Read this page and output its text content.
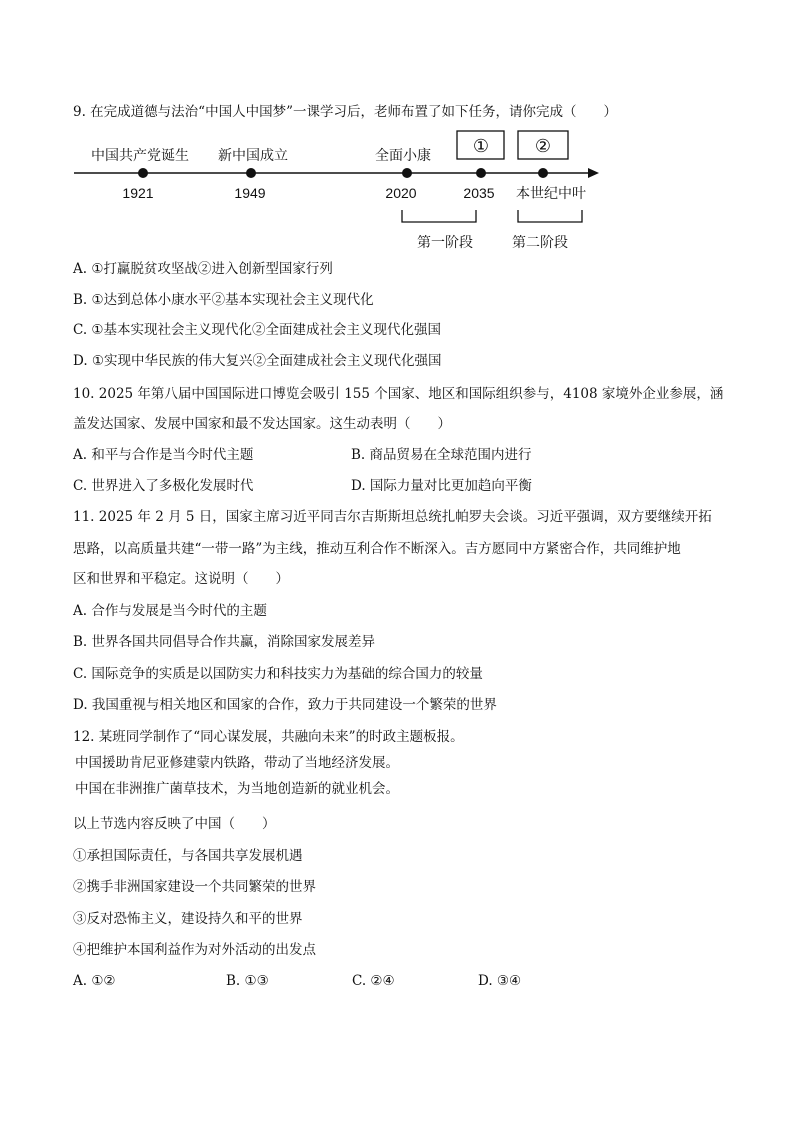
9. 在完成道德与法治“中国人中国梦”一课学习后，老师布置了如下任务，请你完成（　　）
中国共产党诞生 新中国成立	全面小康 ①	②
1921	1949	2020	2035 本世纪中叶
第一阶段	第二阶段
A. ①打赢脱贫攻坚战②进入创新型国家行列
B. ①达到总体小康水平②基本实现社会主义现代化
C. ①基本实现社会主义现代化②全面建成社会主义现代化强国
D. ①实现中华民族的伟大复兴②全面建成社会主义现代化强国
10. 2025 年第八届中国国际进口博览会吸引 155 个国家、地区和国际组织参与，4108 家境外企业参展，涵
盖发达国家、发展中国家和最不发达国家。这生动表明（　　）
A. 和平与合作是当今时代主题	B. 商品贸易在全球范围内进行
C. 世界进入了多极化发展时代	D. 国际力量对比更加趋向平衡
11. 2025 年 2 月 5 日，国家主席习近平同吉尔吉斯斯坦总统扎帕罗夫会谈。习近平强调，双方要继续开拓
思路，以高质量共建“一带一路”为主线，推动互利合作不断深入。吉方愿同中方紧密合作，共同维护地
区和世界和平稳定。这说明（　　）
A. 合作与发展是当今时代的主题
B. 世界各国共同倡导合作共赢，消除国家发展差异
C. 国际竞争的实质是以国防实力和科技实力为基础的综合国力的较量
D. 我国重视与相关地区和国家的合作，致力于共同建设一个繁荣的世界
12. 某班同学制作了“同心谋发展，共融向未来”的时政主题板报。
中国援助肯尼亚修建蒙内铁路，带动了当地经济发展。
中国在非洲推广菌草技术，为当地创造新的就业机会。
以上节选内容反映了中国（　　）
①承担国际责任，与各国共享发展机遇
②携手非洲国家建设一个共同繁荣的世界
③反对恐怖主义，建设持久和平的世界
④把维护本国利益作为对外活动的出发点
A. ①②	B. ①③	C. ②④	D. ③④
